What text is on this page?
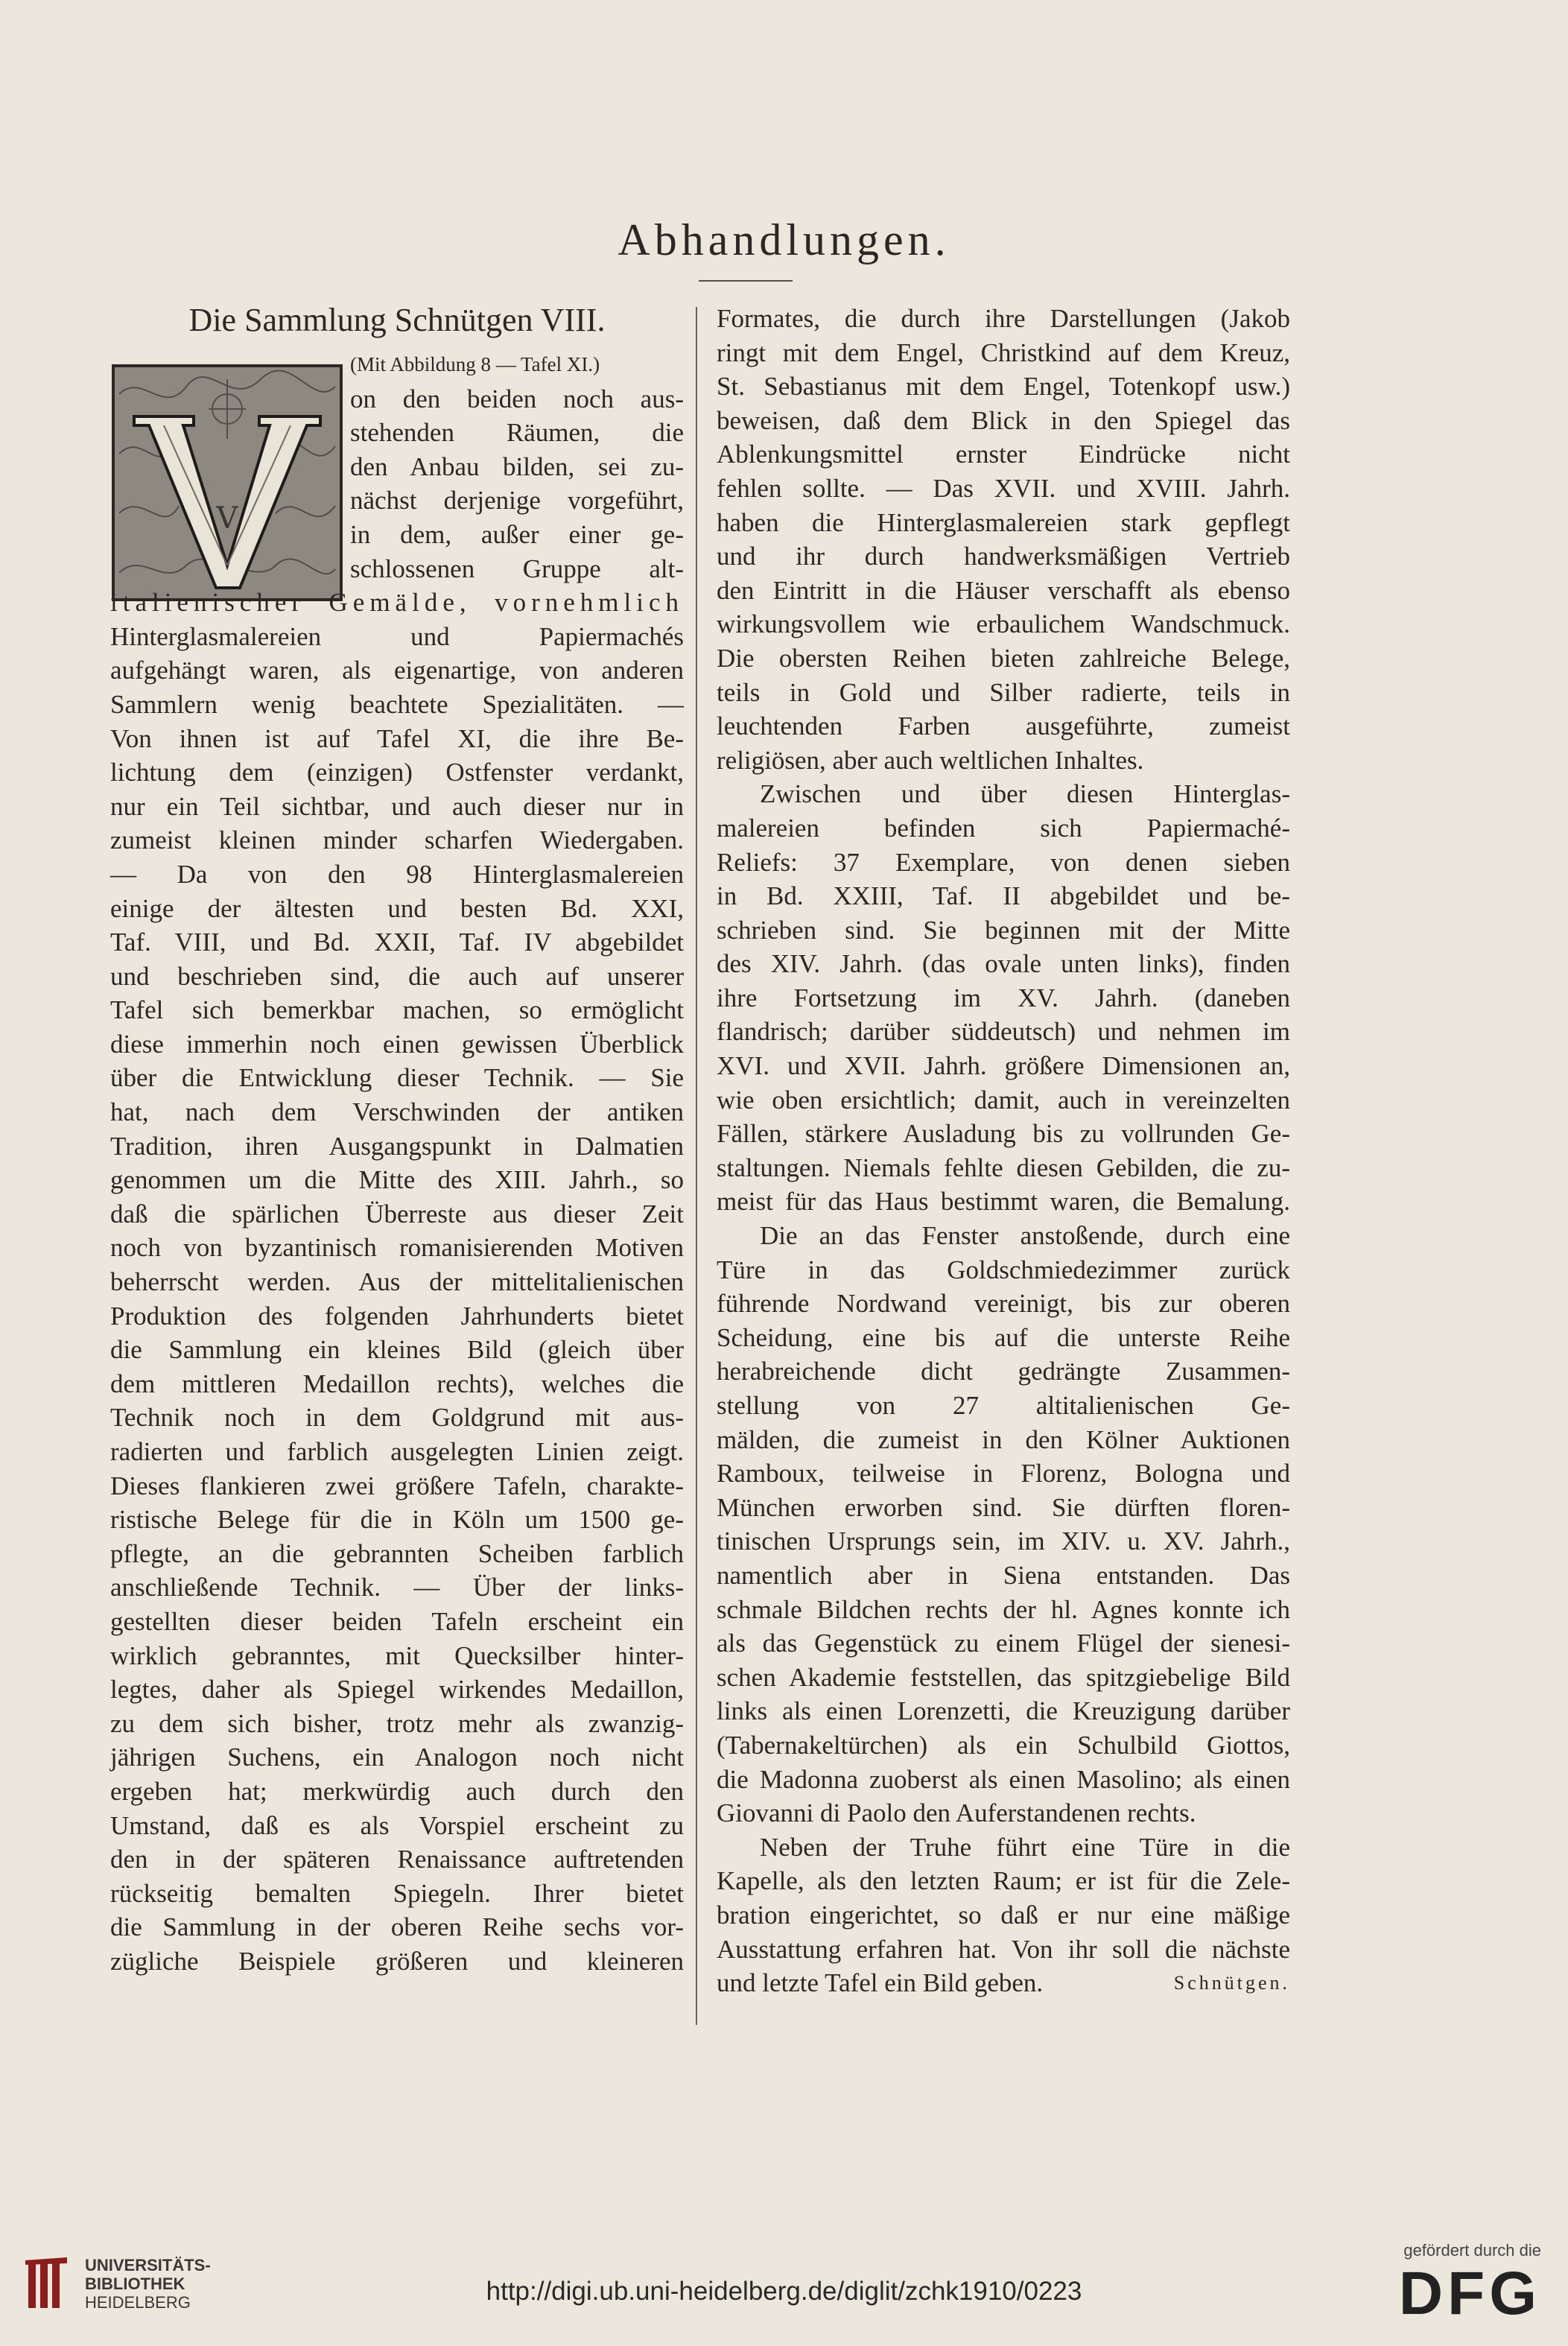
Abhandlungen.
V
Die Sammlung Schnütgen VIII.
(Mit Abbildung 8 — Tafel XI.)
on den beiden noch aus-
stehenden Räumen, die
den Anbau bilden, sei zu-
nächst derjenige vorgeführt,
in dem, außer einer ge-
schlossenen Gruppe alt-
italienischer Gemälde, vornehmlich
Hinterglasmalereien und Papiermachés
aufgehängt waren, als eigenartige, von anderen
Sammlern wenig beachtete Spezialitäten. —
Von ihnen ist auf Tafel XI, die ihre Be-
lichtung dem (einzigen) Ostfenster verdankt,
nur ein Teil sichtbar, und auch dieser nur in
zumeist kleinen minder scharfen Wiedergaben.
— Da von den 98 Hinterglasmalereien
einige der ältesten und besten Bd. XXI,
Taf. VIII, und Bd. XXII, Taf. IV abgebildet
und beschrieben sind, die auch auf unserer
Tafel sich bemerkbar machen, so ermöglicht
diese immerhin noch einen gewissen Überblick
über die Entwicklung dieser Technik. — Sie
hat, nach dem Verschwinden der antiken
Tradition, ihren Ausgangspunkt in Dalmatien
genommen um die Mitte des XIII. Jahrh., so
daß die spärlichen Überreste aus dieser Zeit
noch von byzantinisch romanisierenden Motiven
beherrscht werden. Aus der mittelitalienischen
Produktion des folgenden Jahrhunderts bietet
die Sammlung ein kleines Bild (gleich über
dem mittleren Medaillon rechts), welches die
Technik noch in dem Goldgrund mit aus-
radierten und farblich ausgelegten Linien zeigt.
Dieses flankieren zwei größere Tafeln, charakte-
ristische Belege für die in Köln um 1500 ge-
pflegte, an die gebrannten Scheiben farblich
anschließende Technik. — Über der links-
gestellten dieser beiden Tafeln erscheint ein
wirklich gebranntes, mit Quecksilber hinter-
legtes, daher als Spiegel wirkendes Medaillon,
zu dem sich bisher, trotz mehr als zwanzig-
jährigen Suchens, ein Analogon noch nicht
ergeben hat; merkwürdig auch durch den
Umstand, daß es als Vorspiel erscheint zu
den in der späteren Renaissance auftretenden
rückseitig bemalten Spiegeln. Ihrer bietet
die Sammlung in der oberen Reihe sechs vor-
zügliche Beispiele größeren und kleineren
Formates, die durch ihre Darstellungen (Jakob
ringt mit dem Engel, Christkind auf dem Kreuz,
St. Sebastianus mit dem Engel, Totenkopf usw.)
beweisen, daß dem Blick in den Spiegel das
Ablenkungsmittel ernster Eindrücke nicht
fehlen sollte. — Das XVII. und XVIII. Jahrh.
haben die Hinterglasmalereien stark gepflegt
und ihr durch handwerksmäßigen Vertrieb
den Eintritt in die Häuser verschafft als ebenso
wirkungsvollem wie erbaulichem Wandschmuck.
Die obersten Reihen bieten zahlreiche Belege,
teils in Gold und Silber radierte, teils in
leuchtenden Farben ausgeführte, zumeist
religiösen, aber auch weltlichen Inhaltes.
Zwischen und über diesen Hinterglas-
malereien befinden sich Papiermaché-
Reliefs: 37 Exemplare, von denen sieben
in Bd. XXIII, Taf. II abgebildet und be-
schrieben sind. Sie beginnen mit der Mitte
des XIV. Jahrh. (das ovale unten links), finden
ihre Fortsetzung im XV. Jahrh. (daneben
flandrisch; darüber süddeutsch) und nehmen im
XVI. und XVII. Jahrh. größere Dimensionen an,
wie oben ersichtlich; damit, auch in vereinzelten
Fällen, stärkere Ausladung bis zu vollrunden Ge-
staltungen. Niemals fehlte diesen Gebilden, die zu-
meist für das Haus bestimmt waren, die Bemalung.
Die an das Fenster anstoßende, durch eine
Türe in das Goldschmiedezimmer zurück
führende Nordwand vereinigt, bis zur oberen
Scheidung, eine bis auf die unterste Reihe
herabreichende dicht gedrängte Zusammen-
stellung von 27 altitalienischen Ge-
mälden, die zumeist in den Kölner Auktionen
Ramboux, teilweise in Florenz, Bologna und
München erworben sind. Sie dürften floren-
tinischen Ursprungs sein, im XIV. u. XV. Jahrh.,
namentlich aber in Siena entstanden. Das
schmale Bildchen rechts der hl. Agnes konnte ich
als das Gegenstück zu einem Flügel der sienesi-
schen Akademie feststellen, das spitzgiebelige Bild
links als einen Lorenzetti, die Kreuzigung darüber
(Tabernakeltürchen) als ein Schulbild Giottos,
die Madonna zuoberst als einen Masolino; als einen
Giovanni di Paolo den Auferstandenen rechts.
Neben der Truhe führt eine Türe in die
Kapelle, als den letzten Raum; er ist für die Zele-
bration eingerichtet, so daß er nur eine mäßige
Ausstattung erfahren hat. Von ihr soll die nächste
und letzte Tafel ein Bild geben.	Schnütgen.
UNIVERSITÄTS-
BIBLIOTHEK
HEIDELBERG	http://digi.ub.uni-heidelberg.de/diglit/zchk1910/0223
gefördert durch die
DFG
